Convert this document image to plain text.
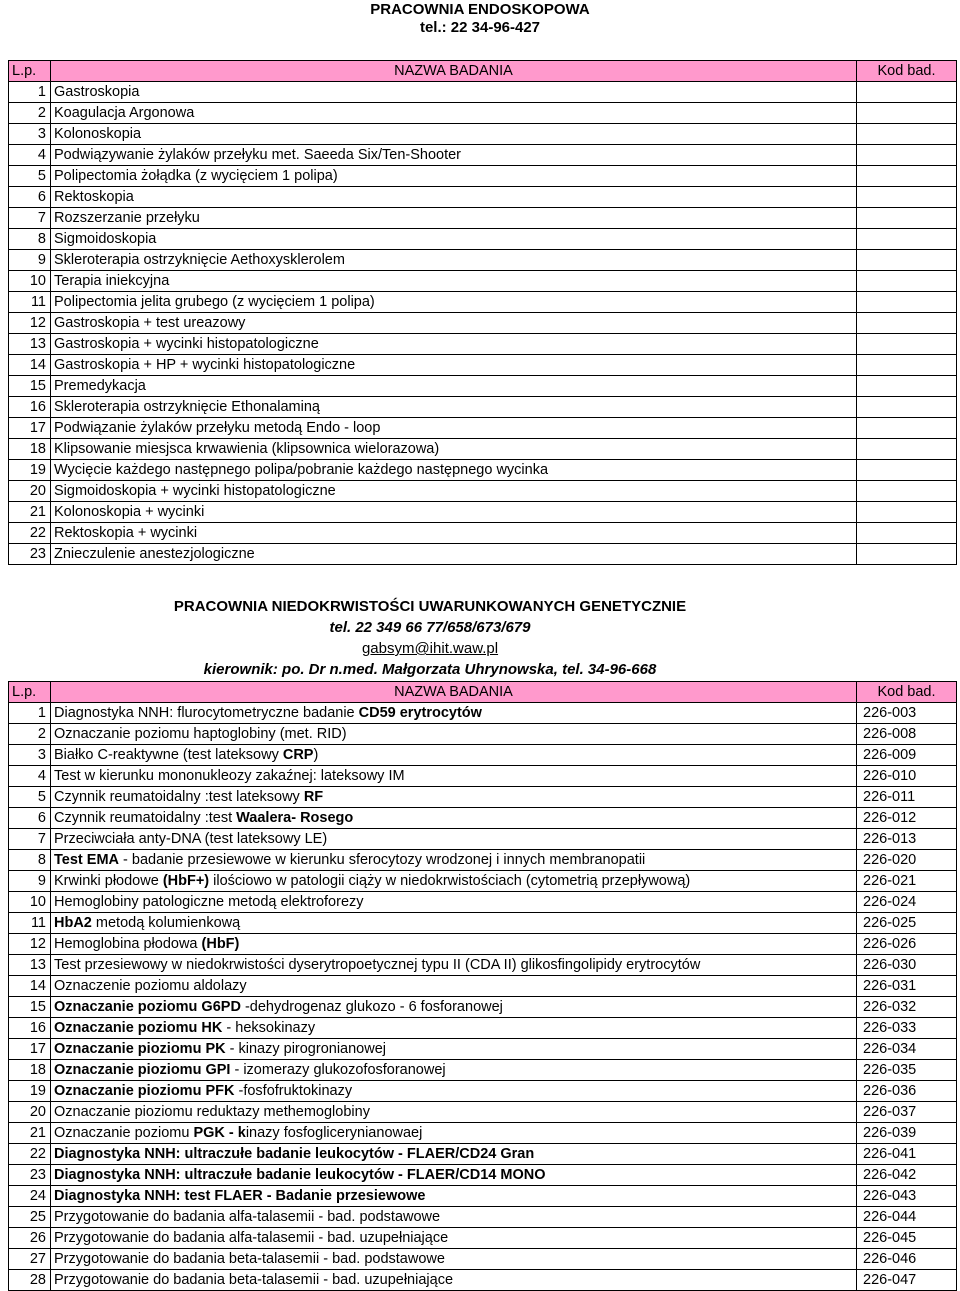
PRACOWNIA ENDOSKOPOWA
tel.: 22 34-96-427
L.p.	NAZWA BADANIA	Kod bad.
1	Gastroskopia	
2	Koagulacja Argonowa	
3	Kolonoskopia	
4	Podwiązywanie żylaków przełyku met. Saeeda Six/Ten-Shooter	
5	Polipectomia żołądka (z wycięciem 1 polipa)	
6	Rektoskopia	
7	Rozszerzanie przełyku	
8	Sigmoidoskopia	
9	Skleroterapia ostrzyknięcie Aethoxysklerolem	
10	Terapia iniekcyjna	
11	Polipectomia jelita grubego (z wycięciem 1 polipa)	
12	Gastroskopia + test ureazowy	
13	Gastroskopia + wycinki histopatologiczne	
14	Gastroskopia + HP + wycinki histopatologiczne	
15	Premedykacja	
16	Skleroterapia ostrzyknięcie Ethonalaminą	
17	Podwiązanie żylaków przełyku metodą Endo - loop	
18	Klipsowanie miesjsca krwawienia (klipsownica wielorazowa)	
19	Wycięcie każdego następnego polipa/pobranie każdego następnego wycinka	
20	Sigmoidoskopia + wycinki histopatologiczne	
21	Kolonoskopia + wycinki	
22	Rektoskopia + wycinki	
23	Znieczulenie anestezjologiczne	
PRACOWNIA NIEDOKRWISTOŚCI UWARUNKOWANYCH GENETYCZNIE
tel. 22 349 66 77/658/673/679
gabsym@ihit.waw.pl
kierownik: po. Dr n.med. Małgorzata Uhrynowska, tel. 34-96-668
L.p.	NAZWA BADANIA	Kod bad.
1	Diagnostyka NNH: flurocytometryczne badanie CD59 erytrocytów	226-003
2	Oznaczanie poziomu haptoglobiny (met. RID)	226-008
3	Białko C-reaktywne (test lateksowy CRP)	226-009
4	Test w kierunku mononukleozy zakaźnej: lateksowy IM	226-010
5	Czynnik reumatoidalny :test lateksowy RF	226-011
6	Czynnik reumatoidalny :test Waalera- Rosego	226-012
7	Przeciwciała anty-DNA (test lateksowy LE)	226-013
8	Test EMA - badanie przesiewowe w kierunku sferocytozy wrodzonej i innych membranopatii	226-020
9	Krwinki płodowe (HbF+) ilościowo w patologii ciąży w niedokrwistościach (cytometrią przepływową)	226-021
10	Hemoglobiny patologiczne metodą elektroforezy	226-024
11	HbA2 metodą kolumienkową	226-025
12	Hemoglobina płodowa (HbF)	226-026
13	Test przesiewowy w niedokrwistości dyserytropoetycznej typu II (CDA II) glikosfingolipidy erytrocytów	226-030
14	Oznaczenie poziomu aldolazy	226-031
15	Oznaczanie poziomu G6PD -dehydrogenaz glukozo - 6 fosforanowej	226-032
16	Oznaczanie poziomu HK - heksokinazy	226-033
17	Oznaczanie pioziomu PK - kinazy pirogronianowej	226-034
18	Oznaczanie pioziomu GPI - izomerazy glukozofosforanowej	226-035
19	Oznaczanie pioziomu PFK -fosfofruktokinazy	226-036
20	Oznaczanie pioziomu reduktazy methemoglobiny	226-037
21	Oznaczanie poziomu PGK - kinazy fosfoglicerynianowaej	226-039
22	Diagnostyka NNH: ultraczułe badanie leukocytów - FLAER/CD24 Gran	226-041
23	Diagnostyka NNH: ultraczułe badanie leukocytów - FLAER/CD14 MONO	226-042
24	Diagnostyka NNH: test FLAER - Badanie przesiewowe	226-043
25	Przygotowanie do badania alfa-talasemii - bad. podstawowe	226-044
26	Przygotowanie do badania alfa-talasemii - bad. uzupełniające	226-045
27	Przygotowanie do badania beta-talasemii - bad. podstawowe	226-046
28	Przygotowanie do badania beta-talasemii - bad. uzupełniające	226-047
